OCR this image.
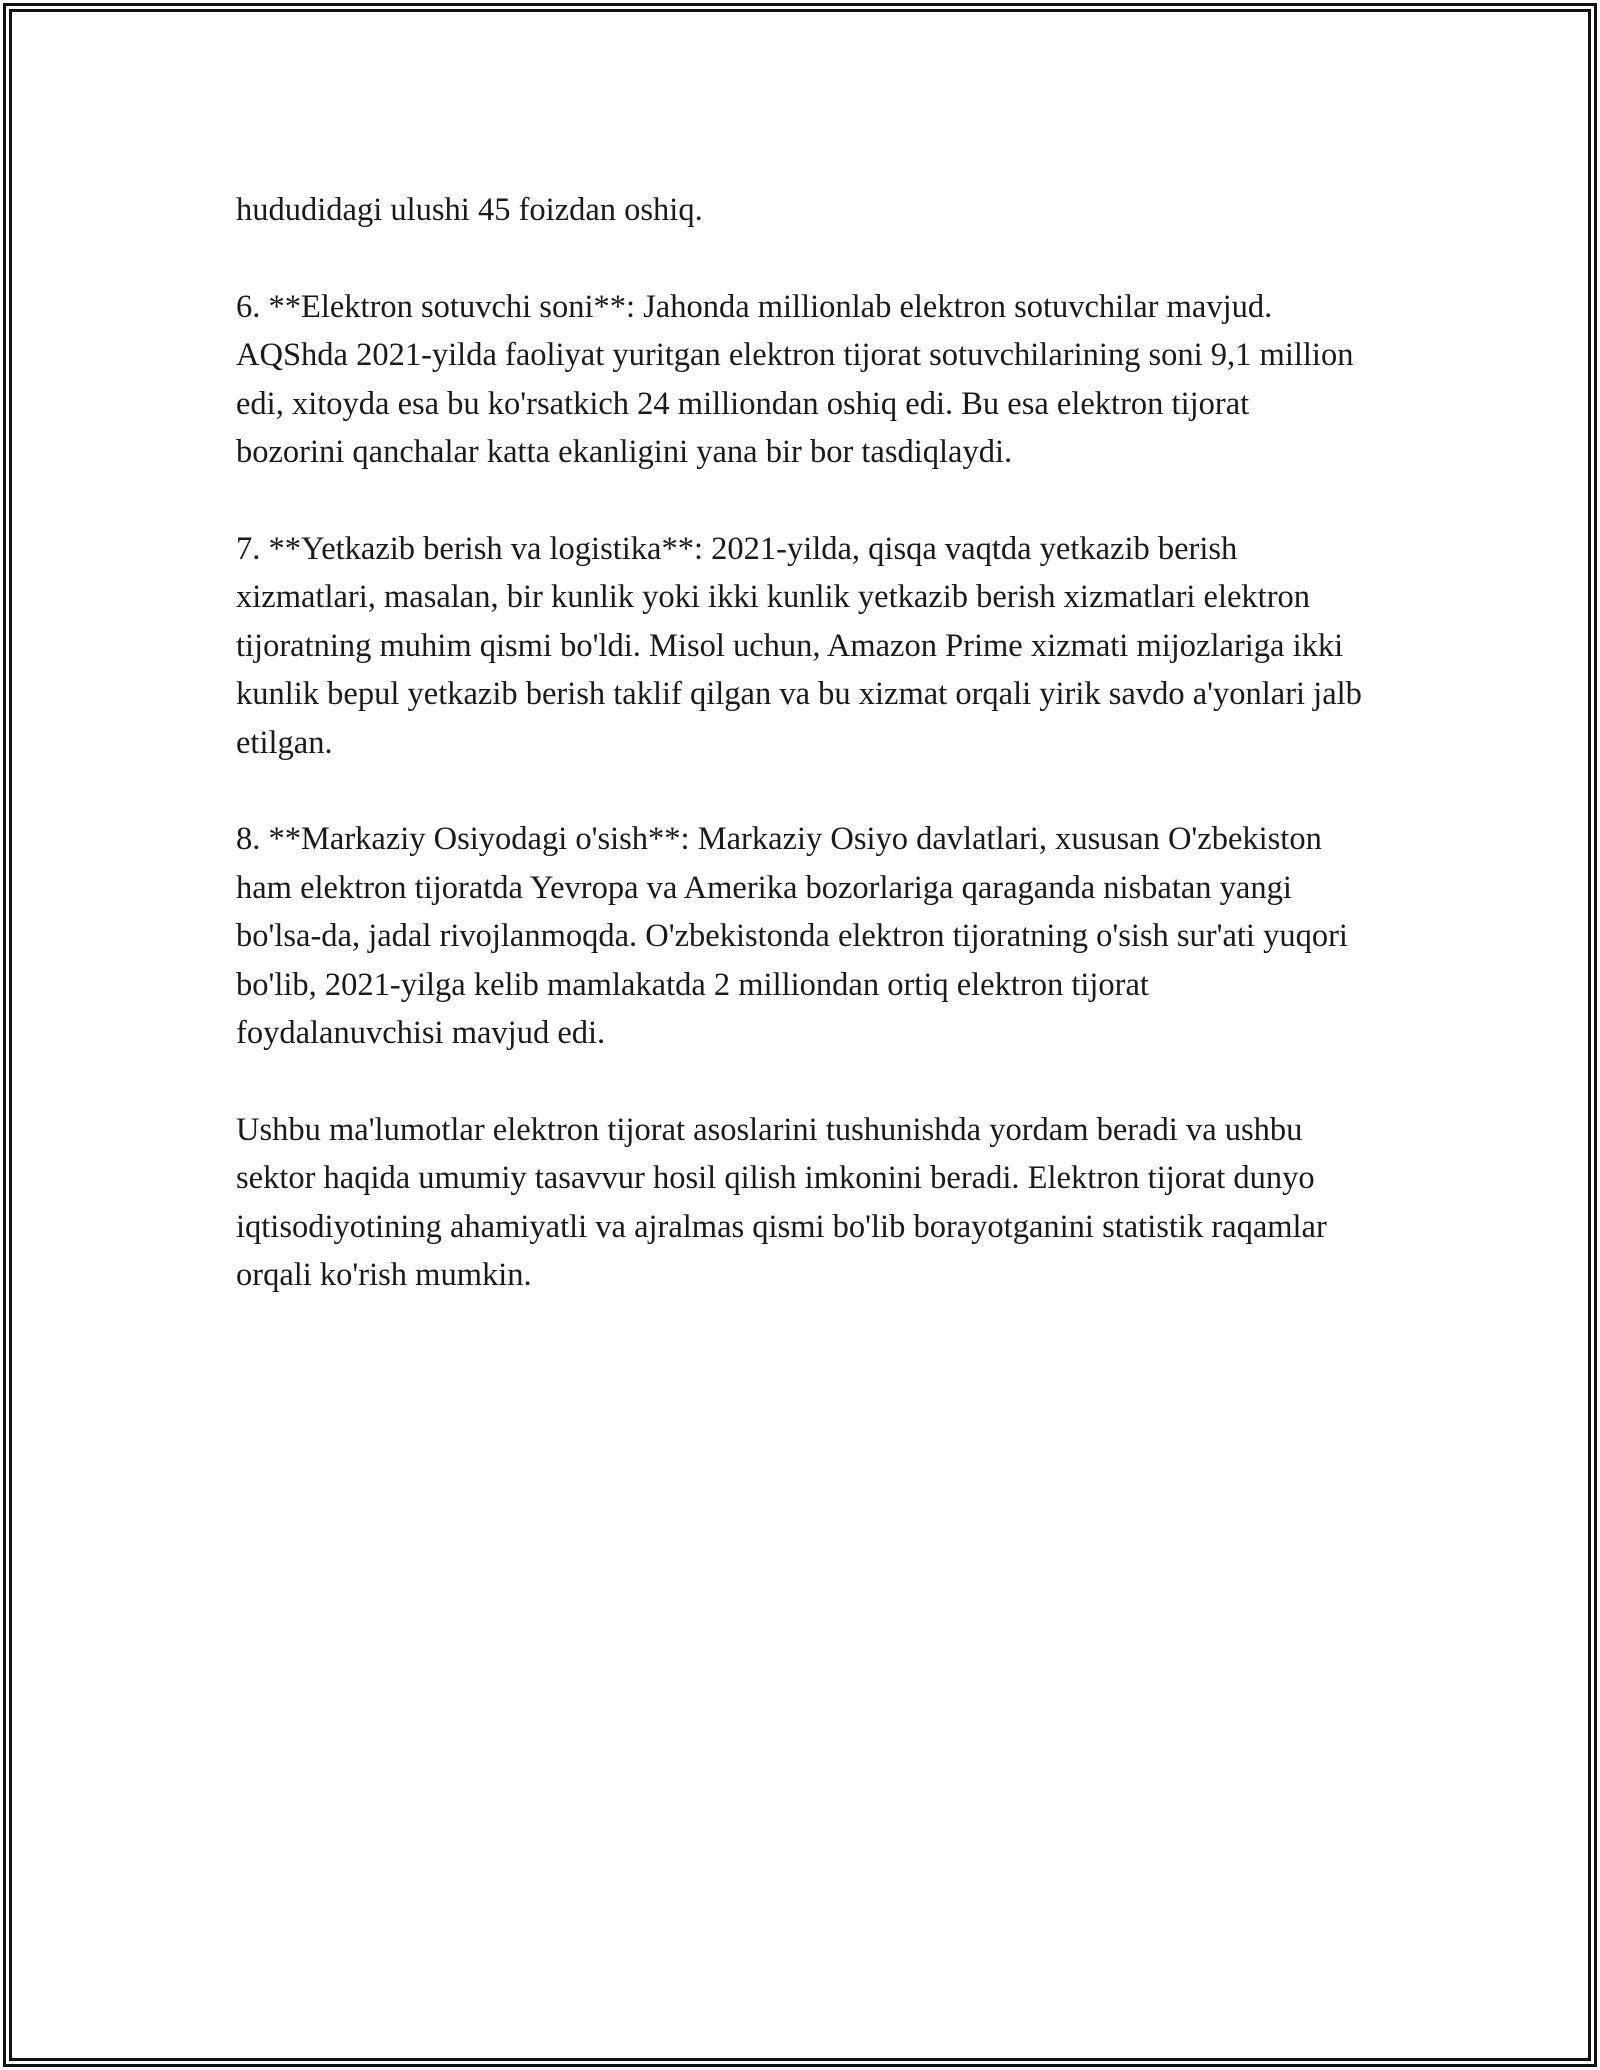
hududidagi ulushi 45 foizdan oshiq.

6. **Elektron sotuvchi soni**: Jahonda millionlab elektron sotuvchilar mavjud. AQShda 2021-yilda faoliyat yuritgan elektron tijorat sotuvchilarining soni 9,1 million edi, xitoyda esa bu ko'rsatkich 24 milliondan oshiq edi. Bu esa elektron tijorat bozorini qanchalar katta ekanligini yana bir bor tasdiqlaydi.

7. **Yetkazib berish va logistika**: 2021-yilda, qisqa vaqtda yetkazib berish xizmatlari, masalan, bir kunlik yoki ikki kunlik yetkazib berish xizmatlari elektron tijoratning muhim qismi bo'ldi. Misol uchun, Amazon Prime xizmati mijozlariga ikki kunlik bepul yetkazib berish taklif qilgan va bu xizmat orqali yirik savdo a'yonlari jalb etilgan.

8. **Markaziy Osiyodagi o'sish**: Markaziy Osiyo davlatlari, xususan O'zbekiston ham elektron tijoratda Yevropa va Amerika bozorlariga qaraganda nisbatan yangi bo'lsa-da, jadal rivojlanmoqda. O'zbekistonda elektron tijoratning o'sish sur'ati yuqori bo'lib, 2021-yilga kelib mamlakatda 2 milliondan ortiq elektron tijorat foydalanuvchisi mavjud edi.

Ushbu ma'lumotlar elektron tijorat asoslarini tushunishda yordam beradi va ushbu sektor haqida umumiy tasavvur hosil qilish imkonini beradi. Elektron tijorat dunyo iqtisodiyotining ahamiyatli va ajralmas qismi bo'lib borayotganini statistik raqamlar orqali ko'rish mumkin.
